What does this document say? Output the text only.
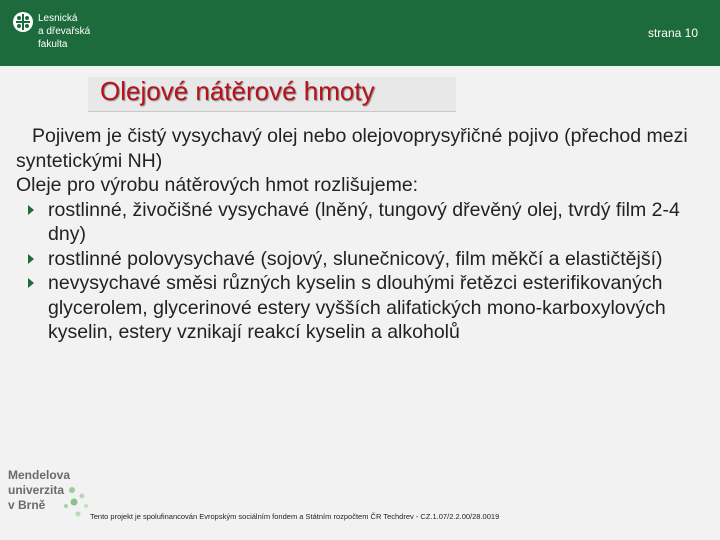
Lesnická
a dřevařská
fakulta
strana 10
Olejové nátěrové hmoty

Pojivem je čistý vysychavý olej nebo olejovoprysyřičné pojivo (přechod mezi syntetickými NH)

Oleje pro výrobu nátěrových hmot rozlišujeme:

rostlinné, živočišné vysychavé (lněný, tungový dřevěný olej, tvrdý film 2-4 dny)
rostlinné polovysychavé (sojový, slunečnicový, film měkčí a elastičtější)
nevysychavé směsi různých kyselin s dlouhými řetězci esterifikovaných glycerolem, glycerinové estery vyšších alifatických mono-karboxylových kyselin, estery vznikají reakcí kyselin a alkoholů
Mendelova
univerzita
v Brně
Tento projekt je spolufinancován Evropským sociálním fondem a Státním rozpočtem ČR Techdrev - CZ.1.07/2.2.00/28.0019
